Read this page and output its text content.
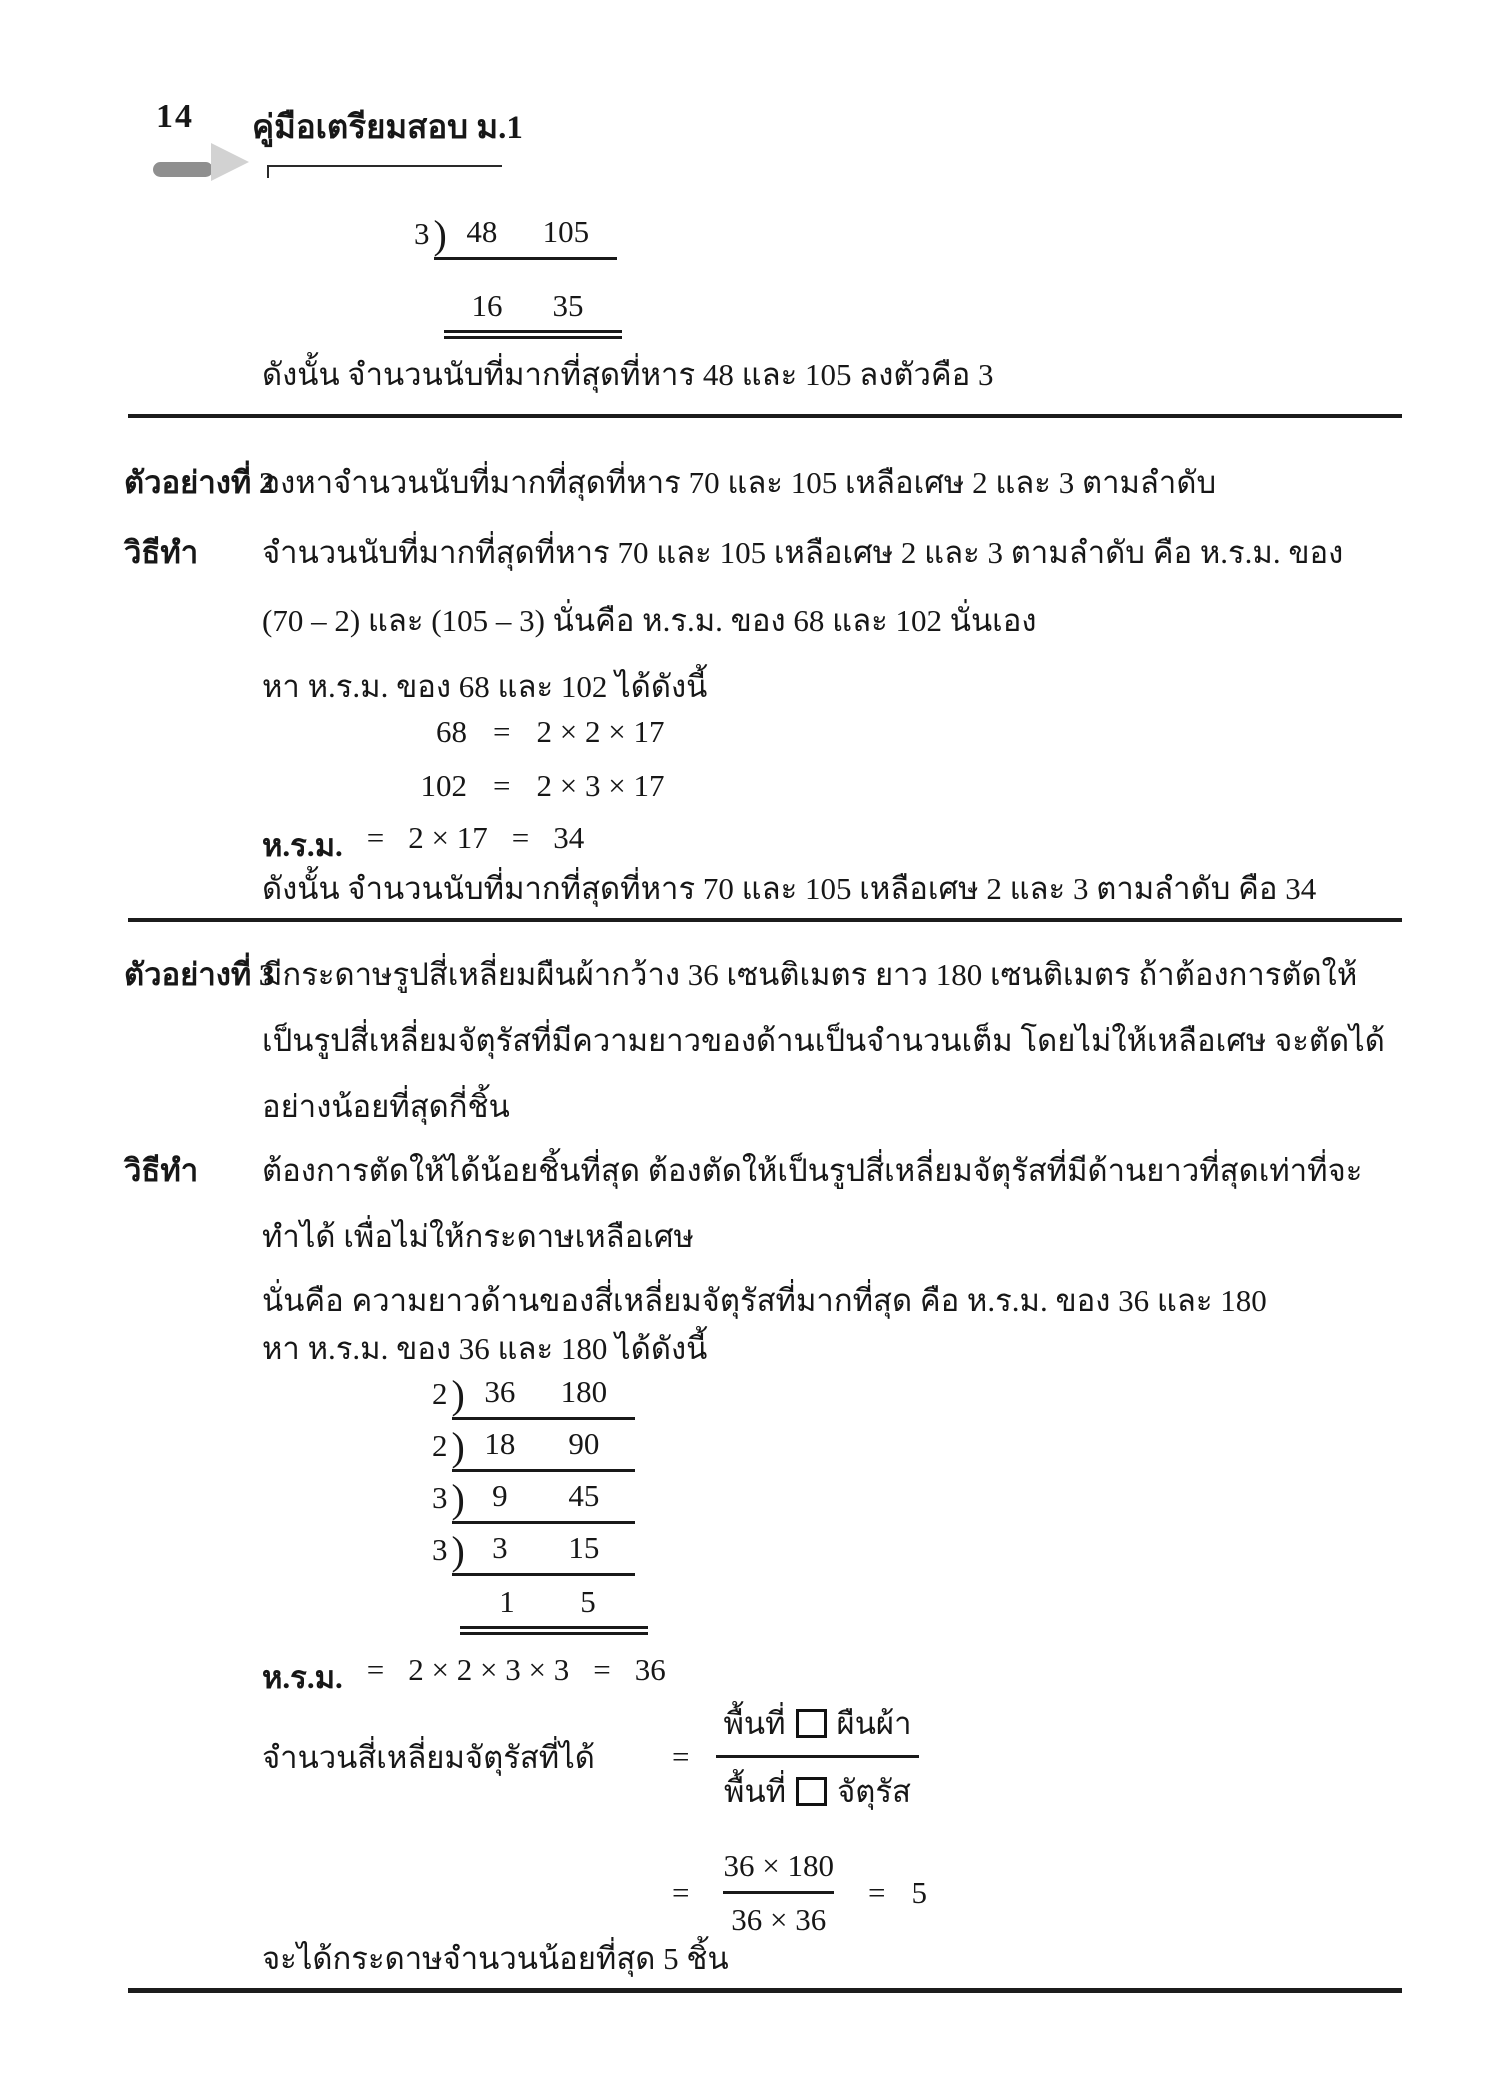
14 คู่มือเตรียมสอบ ม.1
3 ) 48	105
16	35
ดังนั้น จำนวนนับที่มากที่สุดที่หาร 48 และ 105 ลงตัวคือ 3
ตัวอย่างที่ 2
จงหาจำนวนนับที่มากที่สุดที่หาร 70 และ 105 เหลือเศษ 2 และ 3 ตามลำดับ
วิธีทำ จำนวนนับที่มากที่สุดที่หาร 70 และ 105 เหลือเศษ 2 และ 3 ตามลำดับ คือ ห.ร.ม. ของ
(70 – 2) และ (105 – 3) นั่นคือ ห.ร.ม. ของ 68 และ 102 นั่นเอง
หา ห.ร.ม. ของ 68 และ 102 ได้ดังนี้
68 = 2 × 2 × 17
102 = 2 × 3 × 17
ห.ร.ม. = 2 × 17 = 34
ดังนั้น จำนวนนับที่มากที่สุดที่หาร 70 และ 105 เหลือเศษ 2 และ 3 ตามลำดับ คือ 34
ตัวอย่างที่ 3
มีกระดาษรูปสี่เหลี่ยมผืนผ้ากว้าง 36 เซนติเมตร ยาว 180 เซนติเมตร ถ้าต้องการตัดให้
เป็นรูปสี่เหลี่ยมจัตุรัสที่มีความยาวของด้านเป็นจำนวนเต็ม โดยไม่ให้เหลือเศษ จะตัดได้
อย่างน้อยที่สุดกี่ชิ้น
วิธีทำ ต้องการตัดให้ได้น้อยชิ้นที่สุด ต้องตัดให้เป็นรูปสี่เหลี่ยมจัตุรัสที่มีด้านยาวที่สุดเท่าที่จะ
ทำได้ เพื่อไม่ให้กระดาษเหลือเศษ
นั่นคือ ความยาวด้านของสี่เหลี่ยมจัตุรัสที่มากที่สุด คือ ห.ร.ม. ของ 36 และ 180
หา ห.ร.ม. ของ 36 และ 180 ได้ดังนี้
2 ) 36	180
2 ) 18	90
3 ) 9	45
3 ) 3	15
1	5
ห.ร.ม. = 2 × 2 × 3 × 3 = 36
จำนวนสี่เหลี่ยมจัตุรัสที่ได้	= $\frac{\text{พื้นที่ ผืนผ้า}}{\text{พื้นที่ จัตุรัส}}$
= $\frac{36 \times 180}{36 \times 36} = 5$
จะได้กระดาษจำนวนน้อยที่สุด 5 ชิ้น
